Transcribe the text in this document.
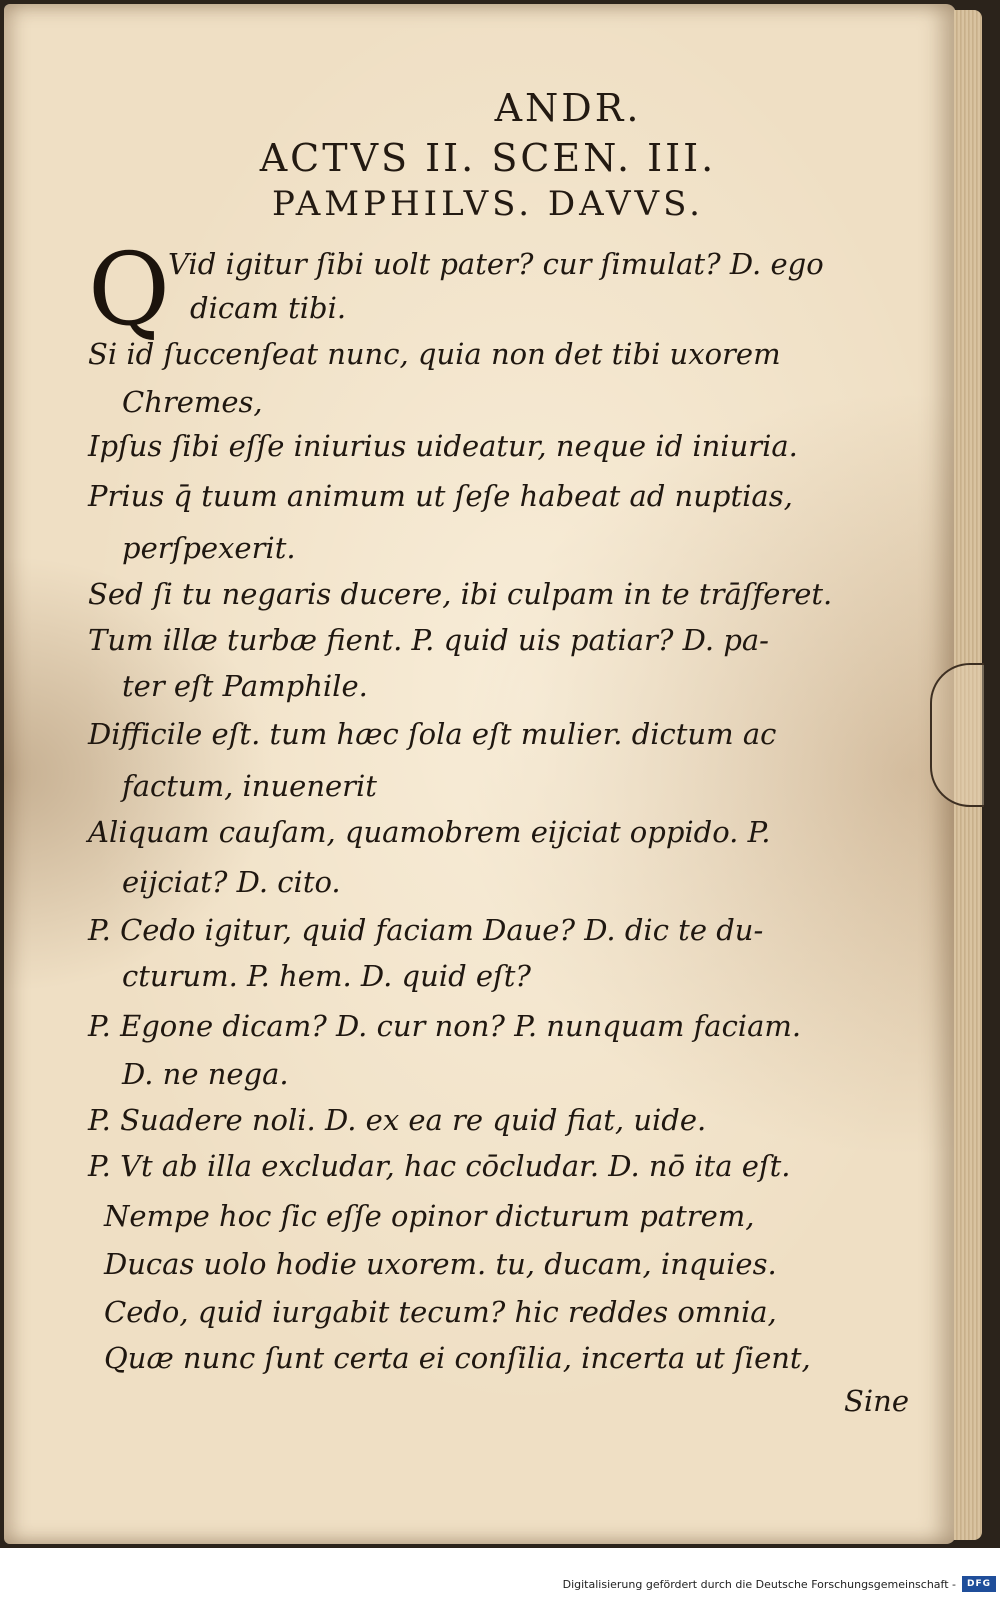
ANDR.
ACTVS II. SCEN. III.
PAMPHILVS. DAVVS.
Q
Vid igitur ſibi uolt pater? cur ſimulat? D. ego
dicam tibi.
Si id ſuccenſeat nunc, quia non det tibi uxorem
Chremes,
Ipſus ſibi eſſe iniurius uideatur, neque id iniuria.
Prius q̄ tuum animum ut ſeſe habeat ad nuptias,
perſpexerit.
Sed ſi tu negaris ducere, ibi culpam in te trāſferet.
Tum illæ turbæ fient. P. quid uis patiar? D. pa-
ter eſt Pamphile.
Difficile eſt. tum hæc ſola eſt mulier. dictum ac
factum, inuenerit
Aliquam cauſam, quamobrem eijciat oppido. P.
eijciat? D. cito.
P. Cedo igitur, quid faciam Daue? D. dic te du-
cturum. P. hem. D. quid eſt?
P. Egone dicam? D. cur non? P. nunquam faciam.
D. ne nega.
P. Suadere noli. D. ex ea re quid fiat, uide.
P. Vt ab illa excludar, hac cōcludar. D. nō ita eſt.
Nempe hoc ſic eſſe opinor dicturum patrem,
Ducas uolo hodie uxorem. tu, ducam, inquies.
Cedo, quid iurgabit tecum? hic reddes omnia,
Quæ nunc ſunt certa ei conſilia, incerta ut ſient,
Sine
Digitalisierung gefördert durch die Deutsche Forschungsgemeinschaft -	DFG
